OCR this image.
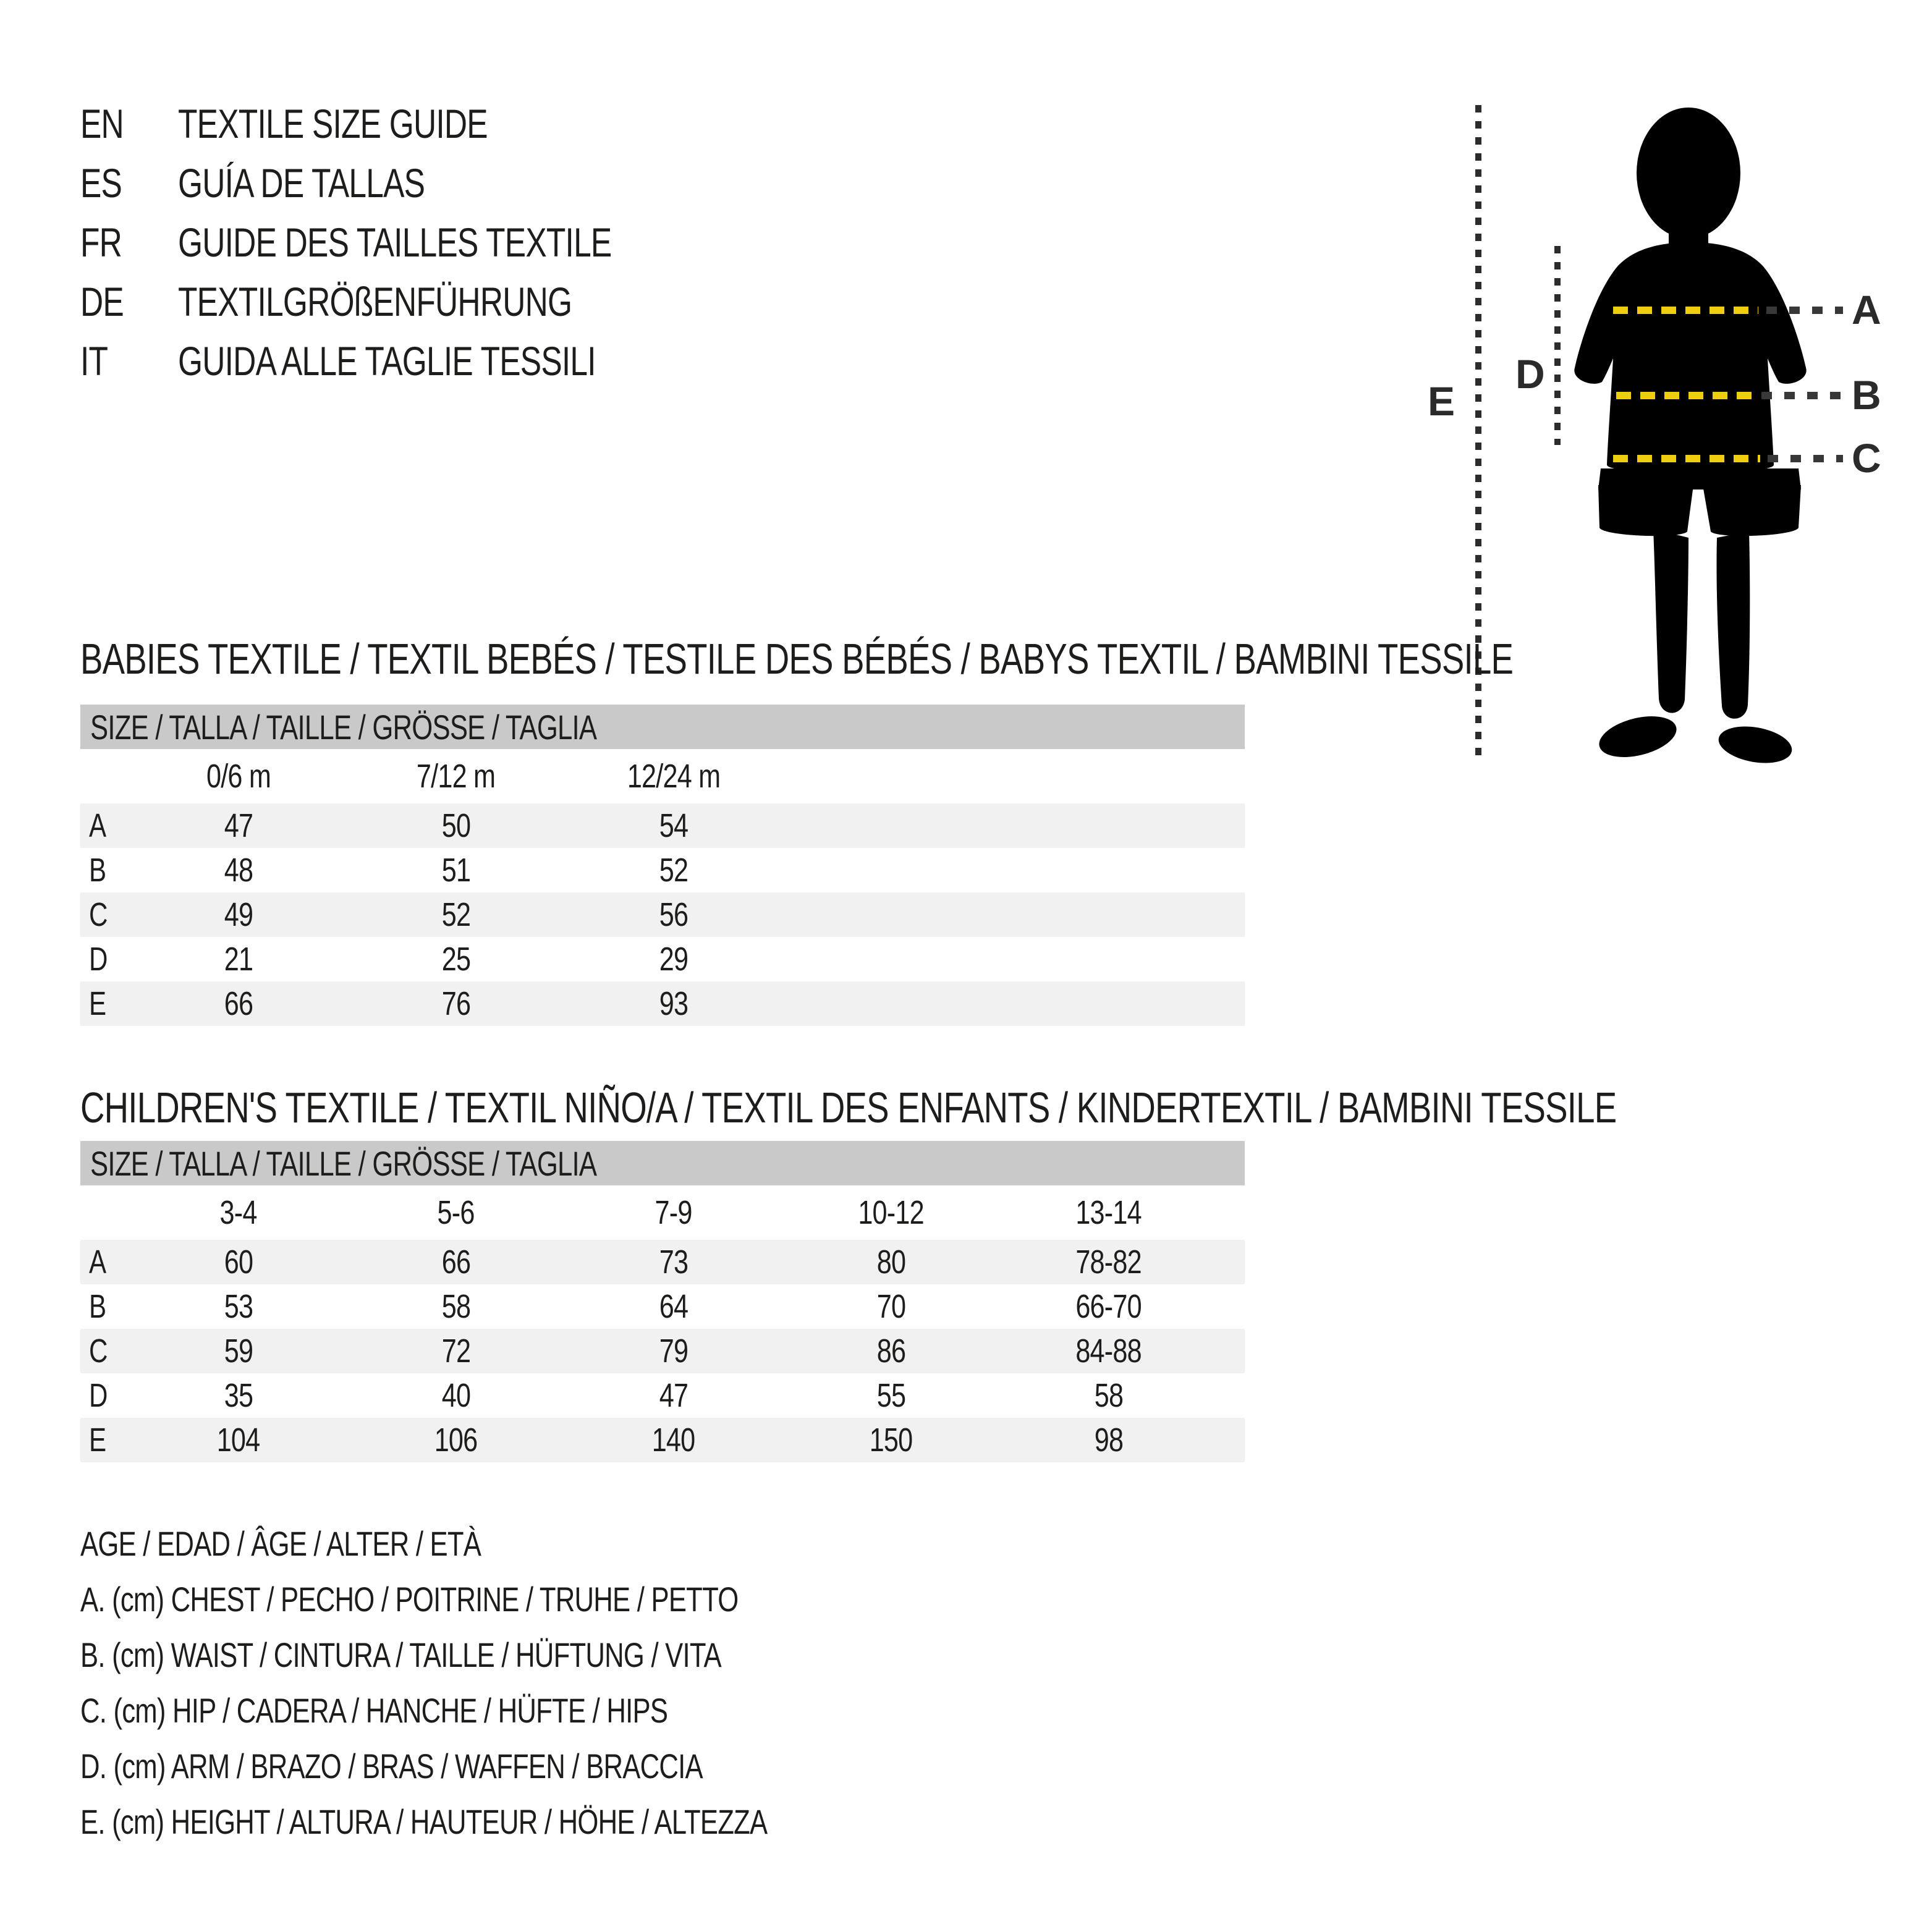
EN	TEXTILE SIZE GUIDE
ES	GUÍA DE TALLAS
FR	GUIDE DES TAILLES TEXTILE
DE	TEXTILGRÖßENFÜHRUNG
IT	GUIDA ALLE TAGLIE TESSILI
A
B
C
D
E
BABIES TEXTILE / TEXTIL BEBÉS / TESTILE DES BÉBÉS / BABYS TEXTIL / BAMBINI TESSILE
SIZE / TALLA / TAILLE / GRÖSSE / TAGLIA
0/6 m	7/12 m	12/24 m
A	47	50	54
B	48	51	52
C	49	52	56
D	21	25	29
E	66	76	93
CHILDREN'S TEXTILE / TEXTIL NIÑO/A / TEXTIL DES ENFANTS / KINDERTEXTIL / BAMBINI TESSILE
SIZE / TALLA / TAILLE / GRÖSSE / TAGLIA
3-4	5-6	7-9	10-12	13-14
A	60	66	73	80	78-82
B	53	58	64	70	66-70
C	59	72	79	86	84-88
D	35	40	47	55	58
E	104	106	140	150	98

AGE / EDAD / ÂGE / ALTER / ETÀ

A. (cm) CHEST / PECHO / POITRINE / TRUHE / PETTO

B. (cm) WAIST / CINTURA / TAILLE / HÜFTUNG / VITA

C. (cm) HIP / CADERA / HANCHE / HÜFTE / HIPS

D. (cm) ARM / BRAZO / BRAS / WAFFEN / BRACCIA

E. (cm) HEIGHT / ALTURA / HAUTEUR / HÖHE / ALTEZZA
